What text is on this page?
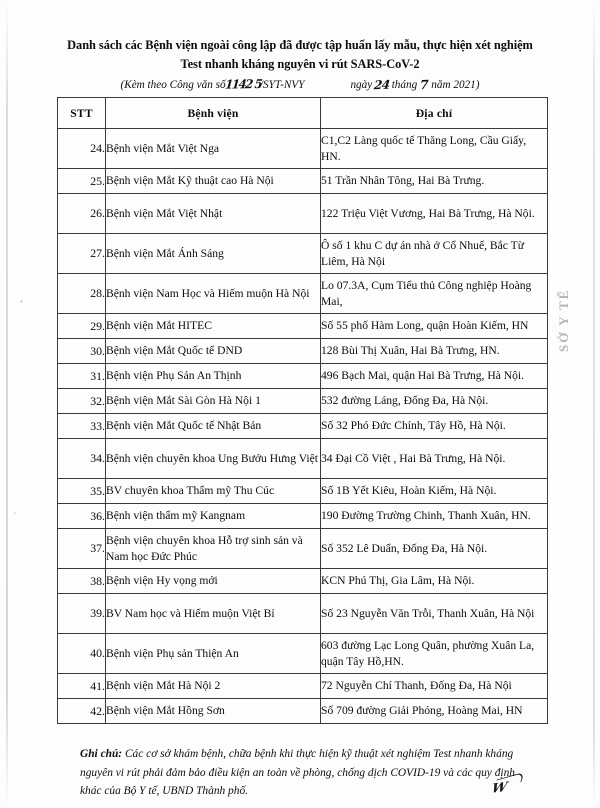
SỞ Y TẾ
Danh sách các Bệnh viện ngoài công lập đã được tập huấn lấy mẫu, thực hiện xét nghiệm
Test nhanh kháng nguyên vi rút SARS-CoV-2
(Kèm theo Công văn số
1142 5
/SYT-NVY	ngày 24 tháng 7 năm 2021)
STT	Bệnh viện	Địa chỉ
24.	Bệnh viện Mắt Việt Nga	C1,C2 Làng quốc tế Thăng Long, Cầu Giấy, HN.
25.	Bệnh viện Mắt Kỹ thuật cao Hà Nội	51 Trần Nhân Tông, Hai Bà Trưng.
26.	Bệnh viện Mắt Việt Nhật	122 Triệu Việt Vương, Hai Bà Trưng, Hà Nội.
27.	Bệnh viện Mắt Ánh Sáng	Ô số 1 khu C dự án nhà ở Cổ Nhuế, Bắc Từ Liêm, Hà Nội
28.	Bệnh viện Nam Học và Hiếm muộn Hà Nội	Lo 07.3A, Cụm Tiểu thủ Công nghiệp Hoàng Mai,
29.	Bệnh viện Mắt HITEC	Số 55 phố Hàm Long, quận Hoàn Kiếm, HN
30.	Bệnh viện Mắt Quốc tế DND	128 Bùi Thị Xuân, Hai Bà Trưng, HN.
31.	Bệnh viện Phụ Sản An Thịnh	496 Bạch Mai, quận Hai Bà Trưng, Hà Nội.
32.	Bệnh viện Mắt Sài Gòn Hà Nội 1	532 đường Láng, Đống Đa, Hà Nội.
33.	Bệnh viện Mắt Quốc tế Nhật Bản	Số 32 Phó Đức Chính, Tây Hồ, Hà Nội.
34.	Bệnh viện chuyên khoa Ung Bướu Hưng Việt	34 Đại Cồ Việt , Hai Bà Trưng, Hà Nội.
35.	BV chuyên khoa Thẩm mỹ Thu Cúc	Số 1B Yết Kiêu, Hoàn Kiếm, Hà Nội.
36.	Bệnh viện thẩm mỹ Kangnam	190 Đường Trường Chinh, Thanh Xuân, HN.
37.	Bệnh viện chuyên khoa Hỗ trợ sinh sản và Nam học Đức Phúc	Số 352 Lê Duẩn, Đống Đa, Hà Nội.
38.	Bệnh viện Hy vọng mới	KCN Phú Thị, Gia Lâm, Hà Nội.
39.	BV Nam học và Hiếm muộn Việt Bỉ	Số 23 Nguyễn Văn Trỗi, Thanh Xuân, Hà Nội
40.	Bệnh viện Phụ sản Thiện An	603 đường Lạc Long Quân, phường Xuân La, quận Tây Hồ,HN.
41.	Bệnh viện Mắt Hà Nội 2	72 Nguyễn Chí Thanh, Đống Đa, Hà Nội
42.	Bệnh viện Mắt Hồng Sơn	Số 709 đường Giải Phóng, Hoàng Mai, HN
Ghi chú: Các cơ sở khám bệnh, chữa bệnh khi thực hiện kỹ thuật xét nghiệm Test nhanh kháng nguyên vi rút phải đảm bảo điều kiện an toàn về phòng, chống dịch COVID-19 và các quy định khác của Bộ Y tế, UBND Thành phố.	W
